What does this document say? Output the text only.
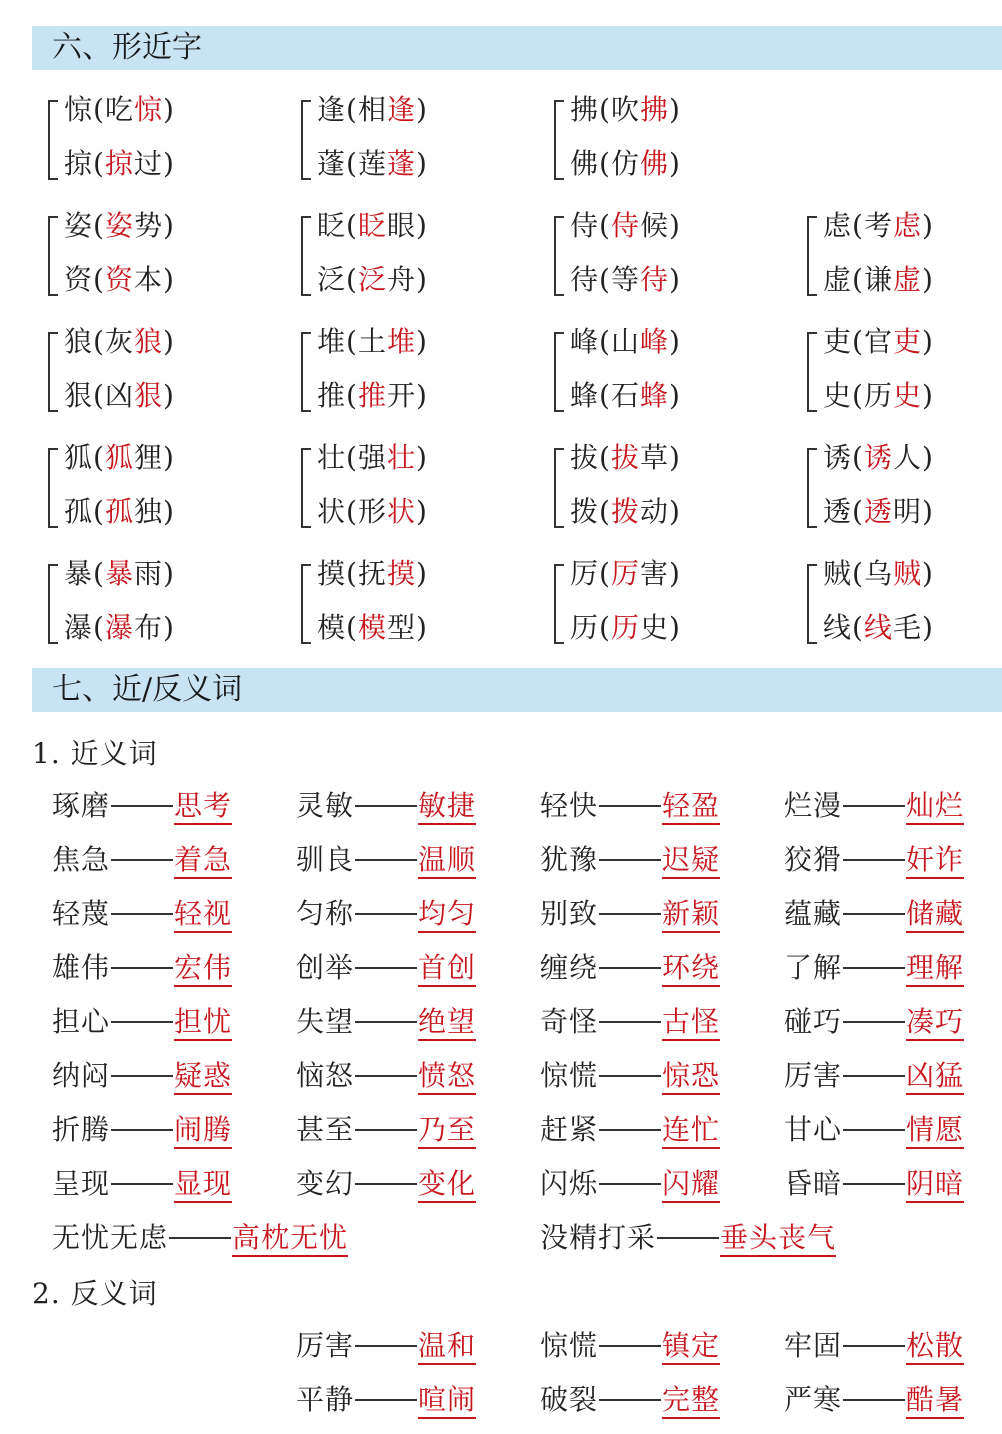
六、形近字
惊(吃惊)
掠(掠过)
逢(相逢)
蓬(莲蓬)
拂(吹拂)
佛(仿佛)
姿(姿势)
资(资本)
眨(眨眼)
泛(泛舟)
侍(侍候)
待(等待)
虑(考虑)
虚(谦虚)
狼(灰狼)
狠(凶狠)
堆(土堆)
推(推开)
峰(山峰)
蜂(石蜂)
吏(官吏)
史(历史)
狐(狐狸)
孤(孤独)
壮(强壮)
状(形状)
拔(拔草)
拨(拨动)
诱(诱人)
透(透明)
暴(暴雨)
瀑(瀑布)
摸(抚摸)
模(模型)
厉(厉害)
历(历史)
贼(乌贼)
线(线毛)
七、近/反义词
1. 近义词
琢磨 思考 灵敏 敏捷 轻快 轻盈 烂漫 灿烂
焦急 着急 驯良 温顺 犹豫 迟疑 狡猾 奸诈
轻蔑 轻视 匀称 均匀 别致 新颖 蕴藏 储藏
雄伟 宏伟 创举 首创 缠绕 环绕 了解 理解
担心 担忧 失望 绝望 奇怪 古怪 碰巧 凑巧
纳闷 疑惑 恼怒 愤怒 惊慌 惊恐 厉害 凶猛
折腾 闹腾 甚至 乃至 赶紧 连忙 甘心 情愿
呈现 显现 变幻 变化 闪烁 闪耀 昏暗 阴暗
无忧无虑 高枕无忧	没精打采 垂头丧气
2. 反义词
厉害 温和 惊慌 镇定 牢固 松散
平静 喧闹 破裂 完整 严寒 酷暑
